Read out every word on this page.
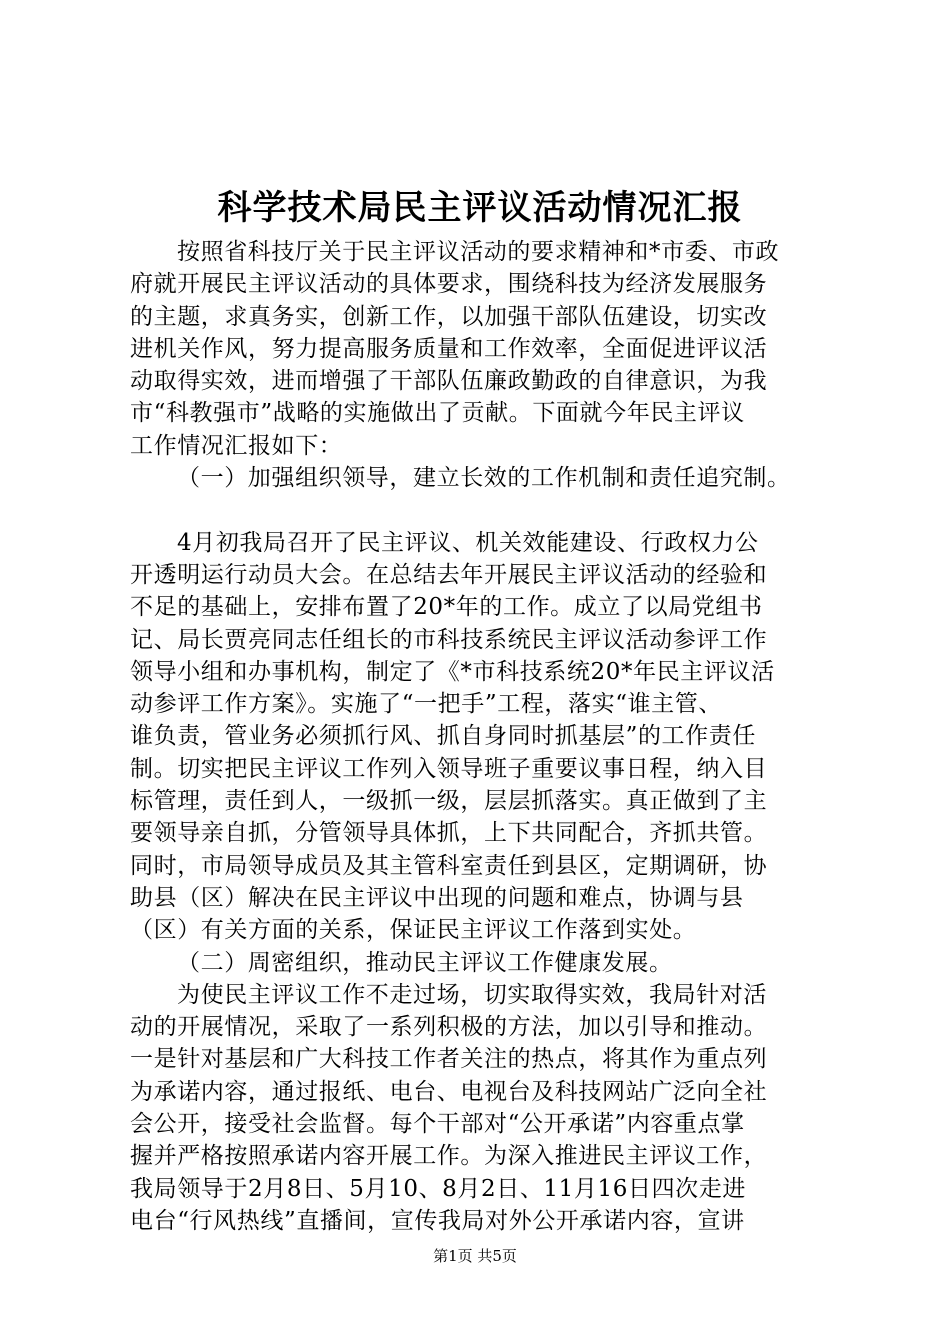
科学技术局民主评议活动情况汇报
按照省科技厅关于民主评议活动的要求精神和*市委、市政
府就开展民主评议活动的具体要求，围绕科技为经济发展服务
的主题，求真务实，创新工作，以加强干部队伍建设，切实改
进机关作风，努力提高服务质量和工作效率，全面促进评议活
动取得实效，进而增强了干部队伍廉政勤政的自律意识，为我
市“科教强市”战略的实施做出了贡献。下面就今年民主评议
工作情况汇报如下：
（一）加强组织领导，建立长效的工作机制和责任追究制。
4月初我局召开了民主评议、机关效能建设、行政权力公
开透明运行动员大会。在总结去年开展民主评议活动的经验和
不足的基础上，安排布置了20*年的工作。成立了以局党组书
记、局长贾亮同志任组长的市科技系统民主评议活动参评工作
领导小组和办事机构，制定了《*市科技系统20*年民主评议活
动参评工作方案》。实施了“一把手”工程，落实“谁主管、
谁负责，管业务必须抓行风、抓自身同时抓基层”的工作责任
制。切实把民主评议工作列入领导班子重要议事日程，纳入目
标管理，责任到人，一级抓一级，层层抓落实。真正做到了主
要领导亲自抓，分管领导具体抓，上下共同配合，齐抓共管。
同时，市局领导成员及其主管科室责任到县区，定期调研，协
助县（区）解决在民主评议中出现的问题和难点，协调与县
（区）有关方面的关系，保证民主评议工作落到实处。
（二）周密组织，推动民主评议工作健康发展。
为使民主评议工作不走过场，切实取得实效，我局针对活
动的开展情况，采取了一系列积极的方法，加以引导和推动。
一是针对基层和广大科技工作者关注的热点，将其作为重点列
为承诺内容，通过报纸、电台、电视台及科技网站广泛向全社
会公开，接受社会监督。每个干部对“公开承诺”内容重点掌
握并严格按照承诺内容开展工作。为深入推进民主评议工作，
我局领导于2月8日、5月10、8月2日、11月16日四次走进
电台“行风热线”直播间，宣传我局对外公开承诺内容，宣讲
第1页 共5页
